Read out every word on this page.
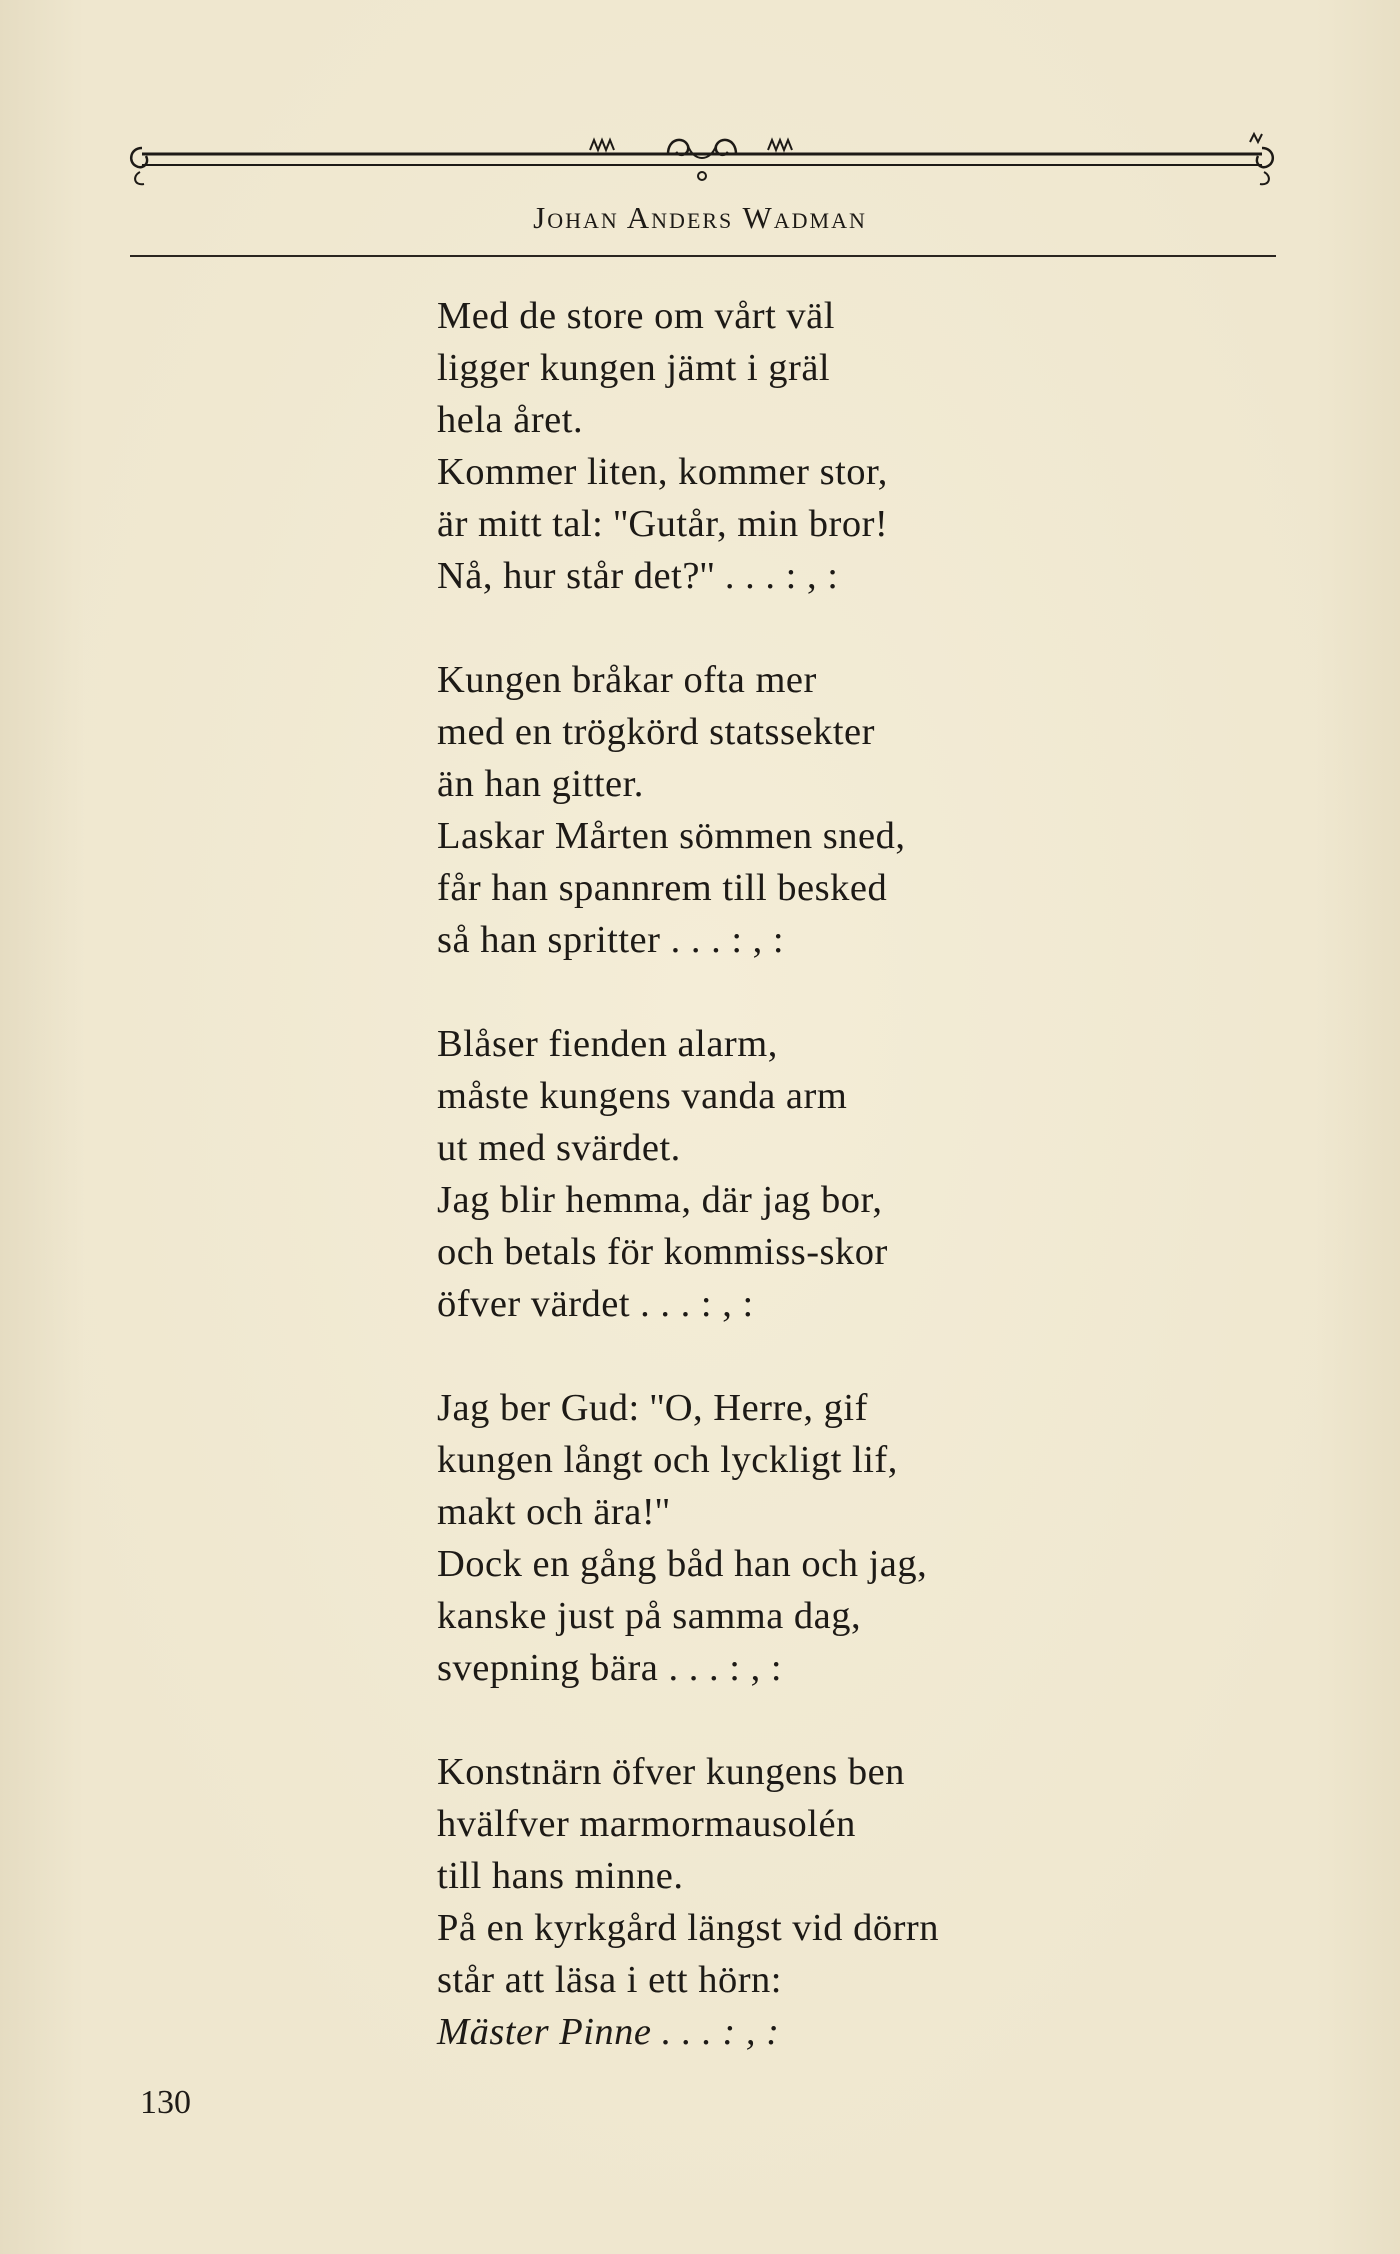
Johan Anders Wadman
Med de store om vårt väl
ligger kungen jämt i gräl
hela året.
Kommer liten, kommer stor,
är mitt tal: ''Gutår, min bror!
Nå, hur står det?'' . . . : , :
Kungen bråkar ofta mer
med en trögkörd statssekter
än han gitter.
Laskar Mårten sömmen sned,
får han spannrem till besked
så han spritter . . . : , :
Blåser fienden alarm,
måste kungens vanda arm
ut med svärdet.
Jag blir hemma, där jag bor,
och betals för kommiss-skor
öfver värdet . . . : , :
Jag ber Gud: ''O, Herre, gif
kungen långt och lyckligt lif,
makt och ära!''
Dock en gång båd han och jag,
kanske just på samma dag,
svepning bära . . . : , :
Konstnärn öfver kungens ben
hvälfver marmormausolén
till hans minne.
På en kyrkgård längst vid dörrn
står att läsa i ett hörn:
Mäster Pinne . . . : , :
130
